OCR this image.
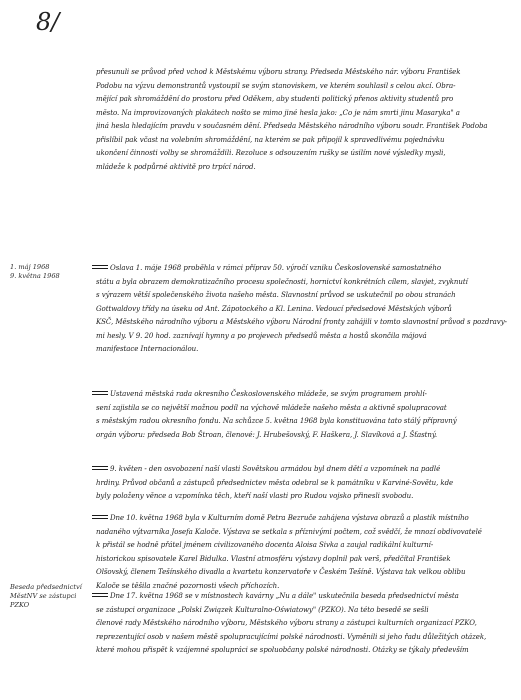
8/
1. máj 1968
9. května 1968
Beseda předsednictví
MěstNV se zástupci
PZKO
přesunuli se průvod před vchod k Městskému výboru strany. Předseda Městského nár. výboru František
Podobu na výzvu demonstrantů vystoupil se svým stanoviskem, ve kterém souhlasil s celou akcí. Obra-
mějící pak shromáždění do prostoru před Oděkem, aby studenti politický přenos aktivity studentů pro
město. Na improvizovaných plakátech nošto se mimo jiné hesla jako: „Co je nám smrti jinu Masaryka" a
jiná hesla hledajícím pravdu v současném dění. Předseda Městského národního výboru soudr. František Podoba
přislíbil pak včast na volebním shromáždění, na kterém se pak připojil k spravedlivému pojednávku
ukončení činnosti volby se shromáždili. Rezoluce s odsouzením rušky se úsilím nové výsledky mysli,
mládeže k podpůrné aktivitě pro trpící národ.
Oslava 1. máje 1968 proběhla v rámci příprav 50. výročí vzniku Československé samostatného
státu a byla obrazem demokratizačního procesu společnosti, hornictví konkrétních cílem, slavjet, zvyknutí
s výrazem větší společenského života našeho města. Slavnostní průvod se uskutečnil po obou stranách
Gottwaldovy třídy na úseku od Ant. Zápotockého a Kl. Lenina. Vedoucí předsedové Městských výborů
KSČ, Městského národního výboru a Městského výboru Národní fronty zahájili v tomto slavnostní průvod s pozdravy-
mi hesly. V 9. 20 hod. zaznívají hymny a po projevech předsedů města a hostů skončila májová
manifestace Internacionálou.
Ustavená městská rada okresního Československého mládeže, se svým programem prohlí-
sení zajistila se co největší možnou podíl na výchově mládeže našeho města a aktivně spolupracovat
s městským radou okresního fondu. Na schůzce 5. května 1968 byla konstituována tato stálý přípravný
orgán výboru: předseda Bob Štroan, členové: J. Hrubešovský, F. Haškera, J. Slavíková a J. Šťastný.
9. květen - den osvobození naší vlasti Sovětskou armádou byl dnem dětí a vzpomínek na padlé
hrdiny. Průvod občanů a zástupců předsednictev města odebral se k památníku v Karviné-Sovětu, kde
byly položeny věnce a vzpomínka těch, kteří naší vlasti pro Rudou vojsko přinesli svobodu.
Dne 10. května 1968 byla v Kulturním domě Petra Bezruče zahájena výstava obrazů a plastik místního
nadaného výtvarníka Josefa Kaloče. Výstava se setkala s příznivými počtem, což svědčí, že mnozí obdivovatelé
k přistál se hodně přátel jménem civilizovaného docenta Aloisa Sivka a zaujal radikální kulturní-
historickou spisovatele Karel Bidulka. Vlastní atmosféru výstavy doplnil pak verš, předčítal František
Olšovský, členem Tešínského divadla a kvartetu konzervatoře v Českém Tešíně. Výstava tak velkou oblibu
Kaloče se těšila značné pozornosti všech příchozích.
Dne 17. května 1968 se v místnostech kavárny „Nu a dále" uskutečnila beseda předsednictví města
se zástupci organizace „Polski Związek Kulturalno-Oświatowy" (PZKO). Na této besedě se sešli
členové rady Městského národního výboru, Městského výboru strany a zástupci kulturních organizací PZKO,
reprezentující osob v našem městě spolupracujícími polské národnosti. Vyměnili si jeho řadu důležitých otázek,
které mohou přispět k vzájemné spolupráci se spoluobčany polské národnosti. Otázky se týkaly především
